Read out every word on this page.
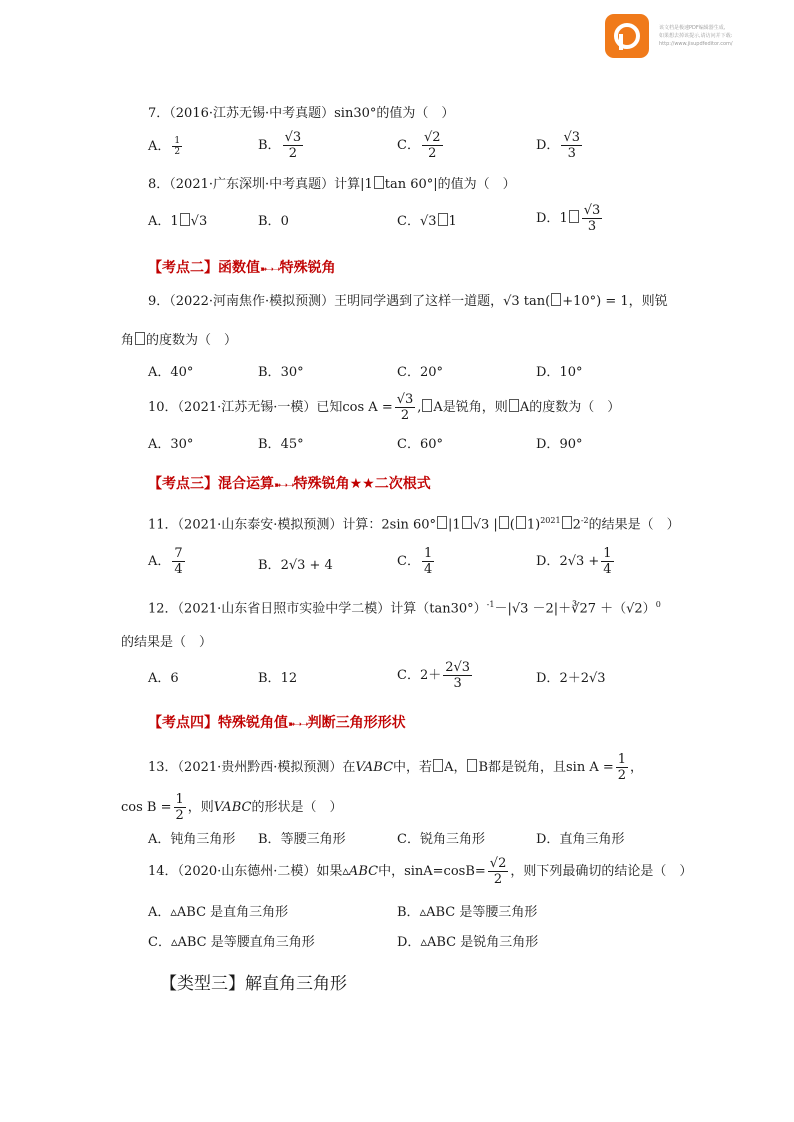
该文档是极速PDF编辑器生成,
如果想去掉该提示,请访问并下载:
http://www.jisupdfeditor.com/
7．（2016·江苏无锡·中考真题）sin30°的值为（　）
A． $\frac{1}{2}$	B． $\frac{√3}{2}$	C． $\frac{√2}{2}$	D． $\frac{√3}{3}$
8．（2021·广东深圳·中考真题）计算|1 tan 60°|的值为（　）
A．1 √3	B．0	C．√3 1	D．$1 \frac{√3}{3}$
【考点二】函数值➽➝➝特殊锐角
9．（2022·河南焦作·模拟预测）王明同学遇到了这样一道题，√3 tan( +10°) = 1，则锐
角 的度数为（　）
A．40°	B．30°	C．20°	D．10°
10．（2021·江苏无锡·一模）已知$\cos A = \frac{√3}{2}$ , A是锐角，则 A的度数为（　）
A．30°	B．45°	C．60°	D．90°
【考点三】混合运算➽➝➝特殊锐角★★二次根式
11．（2021·山东泰安·模拟预测）计算：2sin 60° |1 √3 | ( 1)$^{2021}$ $2^{-2}$的结果是（　）
A． $\frac{7}{4}$	B．2√3 + 4	C． $\frac{1}{4}$	D．$2√3 + \frac{1}{4}$
12．（2021·山东省日照市实验中学二模）计算$(\tan 30^\circ)^{-1}-|√3$ －2|＋∛27 $+(√2)^0$
的结果是（　）
A．6	B．12	C．$2+ \frac{2√3}{3}$	D．2＋2√3
【考点四】特殊锐角值➽➝➝判断三角形形状
13．（2021·贵州黔西·模拟预测）在VABC中，若 A， B都是锐角，且$\sin A = \frac{1}{2}$ ，
$\cos B = \frac{1}{2}$ ，则VABC的形状是（　）
A．钝角三角形 B．等腰三角形	C．锐角三角形	D．直角三角形
14．（2020·山东德州·二模）如果▵ABC中，$\sin A=\cos B= \frac{√2}{2}$ ，则下列最确切的结论是（　）
A．▵ABC 是直角三角形	B．▵ABC 是等腰三角形
C．▵ABC 是等腰直角三角形	D．▵ABC 是锐角三角形
【类型三】解直角三角形
